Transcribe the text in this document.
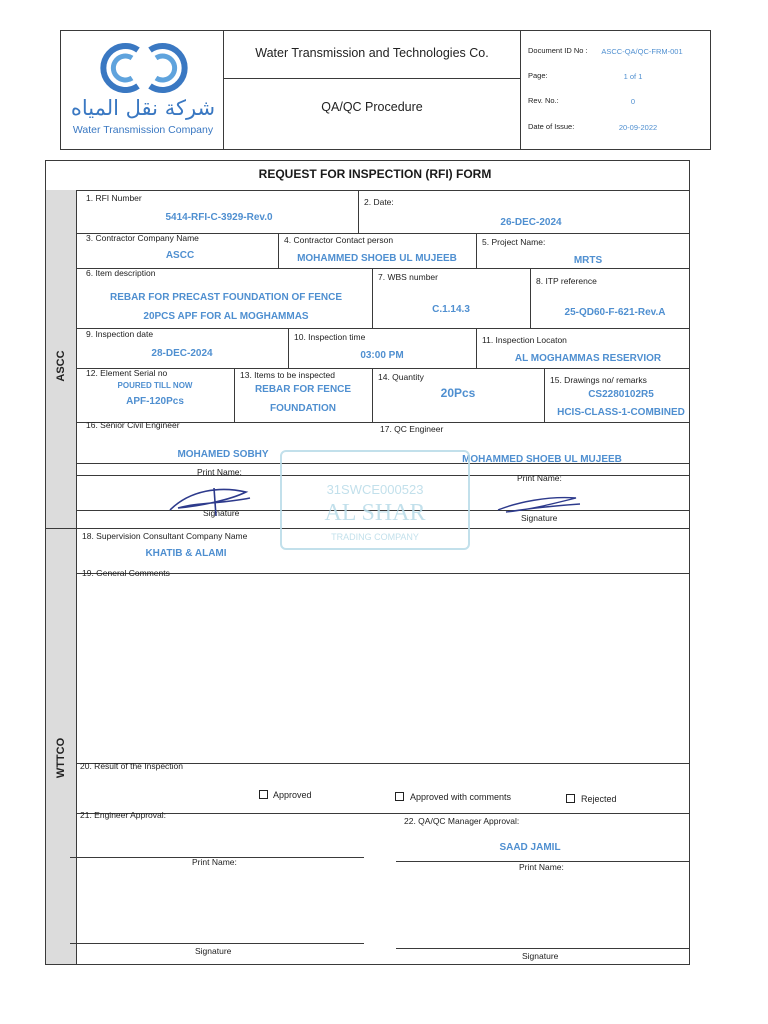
شركة نقل المياه
Water Transmission Company
Water Transmission and Technologies Co.
QA/QC Procedure
Document ID No :	ASCC-QA/QC-FRM-001
Page:	1 of 1
Rev. No.:	0
Date of Issue:	20-09-2022
REQUEST FOR INSPECTION (RFI) FORM
ASCC
WTTCO
1. RFI Number
5414-RFI-C-3929-Rev.0
2. Date:
26-DEC-2024
3. Contractor Company Name
ASCC
4. Contractor Contact person
MOHAMMED SHOEB UL MUJEEB
5. Project Name:
MRTS
6. Item description
REBAR FOR PRECAST FOUNDATION OF FENCE
20PCS APF FOR AL MOGHAMMAS
7. WBS number
C.1.14.3
8. ITP reference
25-QD60-F-621-Rev.A
9. Inspection date
28-DEC-2024
10. Inspection time
03:00 PM
11. Inspection Locaton
AL MOGHAMMAS RESERVIOR
12. Element Serial no
POURED TILL NOW
APF-120Pcs
13. Items to be inspected
REBAR FOR FENCE
FOUNDATION
14. Quantity
20Pcs
15. Drawings no/ remarks
CS2280102R5
HCIS-CLASS-1-COMBINED
16. Senior Civil Engineer	17. QC Engineer
MOHAMED SOBHY	MOHAMMED SHOEB UL MUJEEB
Print Name:
Print Name:
Signature	Signature
31SWCE000523
AL SHAR
TRADING COMPANY
18. Supervision Consultant Company Name
KHATIB & ALAMI
19. General Comments
20. Result of the Inspection
Approved	Approved with comments	Rejected
21. Engineer Approval:
22. QA/QC Manager Approval:
SAAD JAMIL
Print Name:	Print Name:
Signature	Signature
